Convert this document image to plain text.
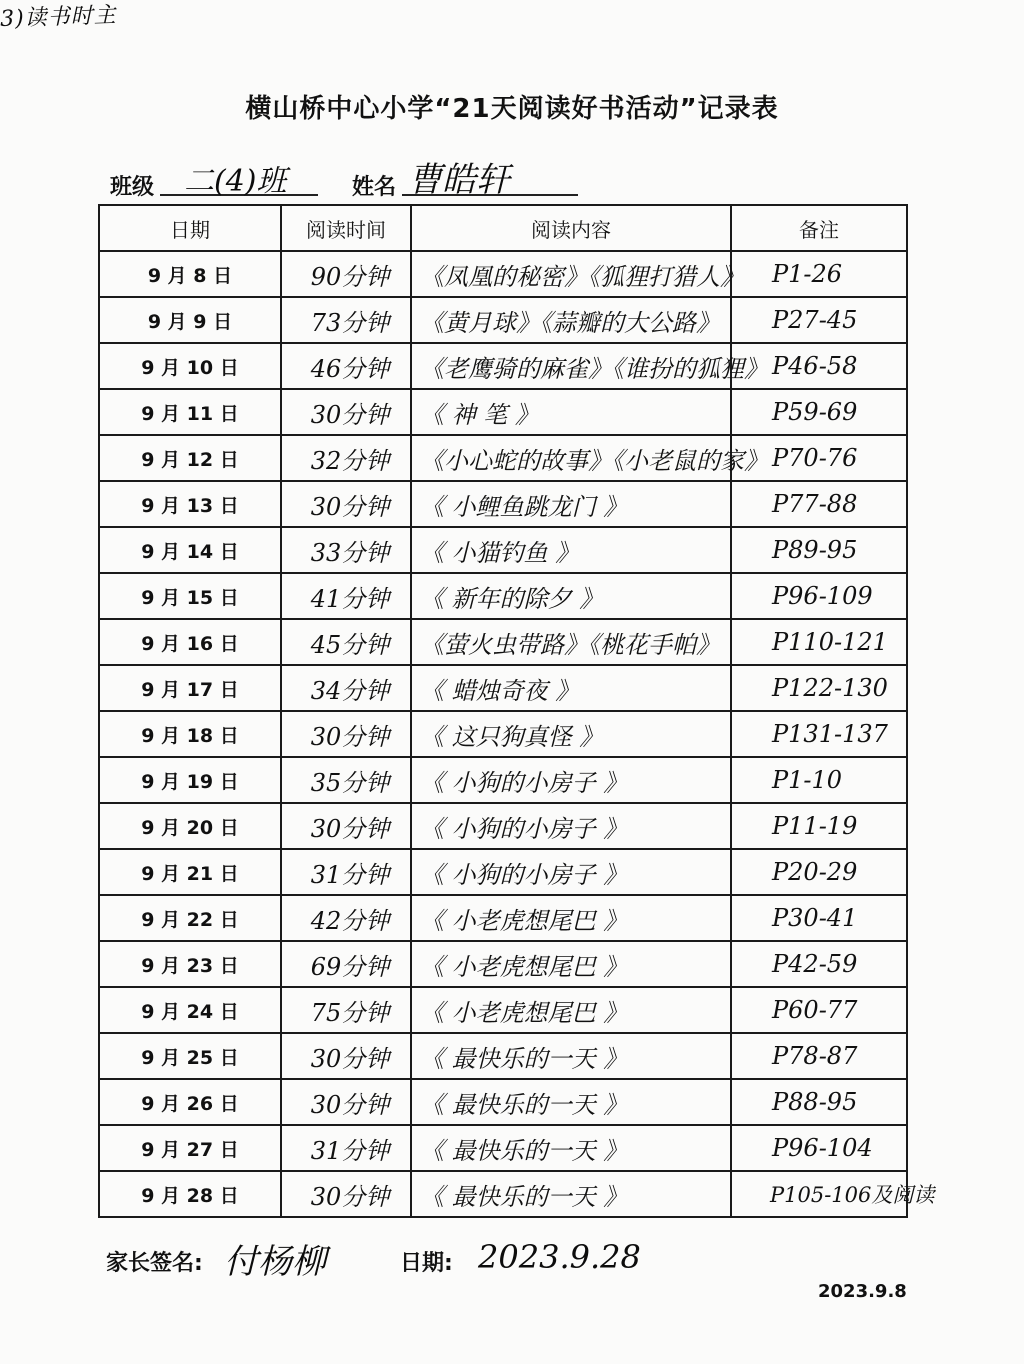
3)读书时主
横山桥中心小学“21天阅读好书活动”记录表
班级 二(4)班	姓名 曹皓轩
日期	阅读时间	阅读内容	备注
9 月 8 日	90分钟	《凤凰的秘密》《狐狸打猎人》	P1-26
9 月 9 日	73分钟	《黄月球》《蒜瓣的大公路》	P27-45
9 月 10 日	46分钟	《老鹰骑的麻雀》《谁扮的狐狸》	P46-58
9 月 11 日	30分钟	《 神 笔 》	P59-69
9 月 12 日	32分钟	《小心蛇的故事》《小老鼠的家》	P70-76
9 月 13 日	30分钟	《 小鲤鱼跳龙门 》	P77-88
9 月 14 日	33分钟	《 小猫钓鱼 》	P89-95
9 月 15 日	41分钟	《 新年的除夕 》	P96-109
9 月 16 日	45分钟	《萤火虫带路》《桃花手帕》	P110-121
9 月 17 日	34分钟	《 蜡烛奇夜 》	P122-130
9 月 18 日	30分钟	《 这只狗真怪 》	P131-137
9 月 19 日	35分钟	《 小狗的小房子 》	P1-10
9 月 20 日	30分钟	《 小狗的小房子 》	P11-19
9 月 21 日	31分钟	《 小狗的小房子 》	P20-29
9 月 22 日	42分钟	《 小老虎想尾巴 》	P30-41
9 月 23 日	69分钟	《 小老虎想尾巴 》	P42-59
9 月 24 日	75分钟	《 小老虎想尾巴 》	P60-77
9 月 25 日	30分钟	《 最快乐的一天 》	P78-87
9 月 26 日	30分钟	《 最快乐的一天 》	P88-95
9 月 27 日	31分钟	《 最快乐的一天 》	P96-104
9 月 28 日	30分钟	《 最快乐的一天 》	P105-106及阅读
家长签名: 付杨柳	日期: 2023.9.28
2023.9.8
